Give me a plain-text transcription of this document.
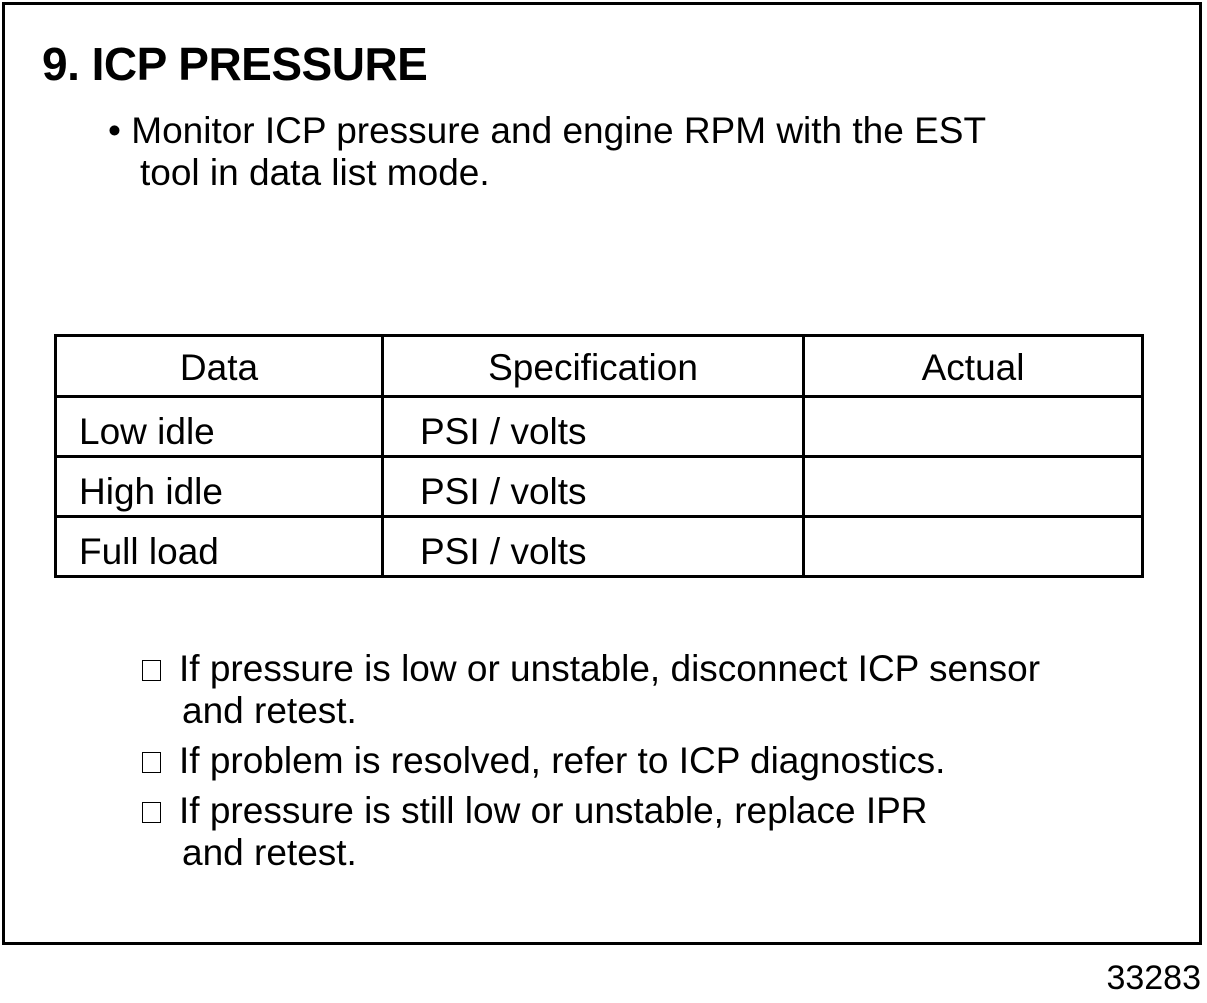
9. ICP PRESSURE
• Monitor ICP pressure and engine RPM with the EST
tool in data list mode.
Data	Specification	Actual
Low idle	PSI / volts	
High idle	PSI / volts	
Full load	PSI / volts	
If pressure is low or unstable, disconnect ICP sensor
and retest.
If problem is resolved, refer to ICP diagnostics.
If pressure is still low or unstable, replace IPR
and retest.
33283
